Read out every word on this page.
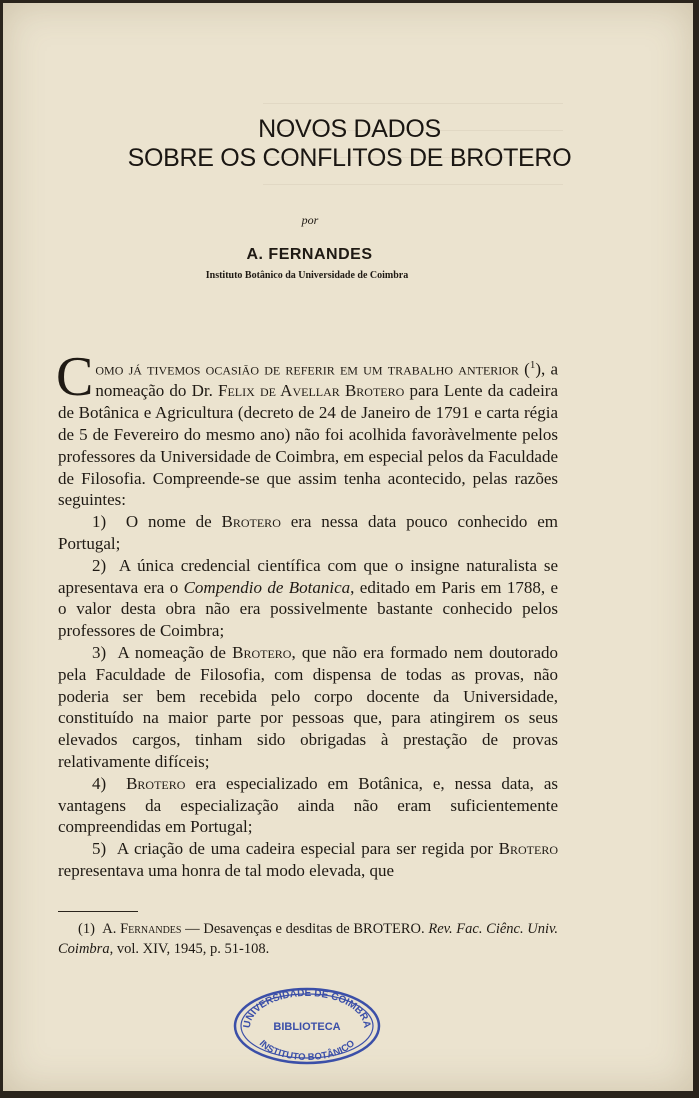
NOVOS DADOS
SOBRE OS CONFLITOS DE BROTERO
por
A. FERNANDES
Instituto Botânico da Universidade de Coimbra

Como já tivemos ocasião de referir em um trabalho anterior ($^1$), a nomeação do Dr. Felix de Avellar Brotero para Lente da cadeira de Botânica e Agricultura (decreto de 24 de Janeiro de 1791 e carta régia de 5 de Fevereiro do mesmo ano) não foi acolhida favoràvelmente pelos professores da Universidade de Coimbra, em especial pelos da Faculdade de Filosofia. Compreende-se que assim tenha acontecido, pelas razões seguintes:

1) O nome de Brotero era nessa data pouco conhecido em Portugal;

2) A única credencial científica com que o insigne naturalista se apresentava era o Compendio de Botanica, editado em Paris em 1788, e o valor desta obra não era possivelmente bastante conhecido pelos professores de Coimbra;

3) A nomeação de Brotero, que não era formado nem doutorado pela Faculdade de Filosofia, com dispensa de todas as provas, não poderia ser bem recebida pelo corpo docente da Universidade, constituído na maior parte por pessoas que, para atingirem os seus elevados cargos, tinham sido obrigadas à prestação de provas relativamente difíceis;

4) Brotero era especializado em Botânica, e, nessa data, as vantagens da especialização ainda não eram suficientemente compreendidas em Portugal;

5) A criação de uma cadeira especial para ser regida por Brotero representava uma honra de tal modo elevada, que

(1) A. Fernandes — Desavenças e desditas de BROTERO. Rev. Fac. Ciênc. Univ. Coimbra, vol. XIV, 1945, p. 51-108.
UNIVERSIDADE DE COIMBRA
BIBLIOTECA
INSTITUTO BOTÂNICO
